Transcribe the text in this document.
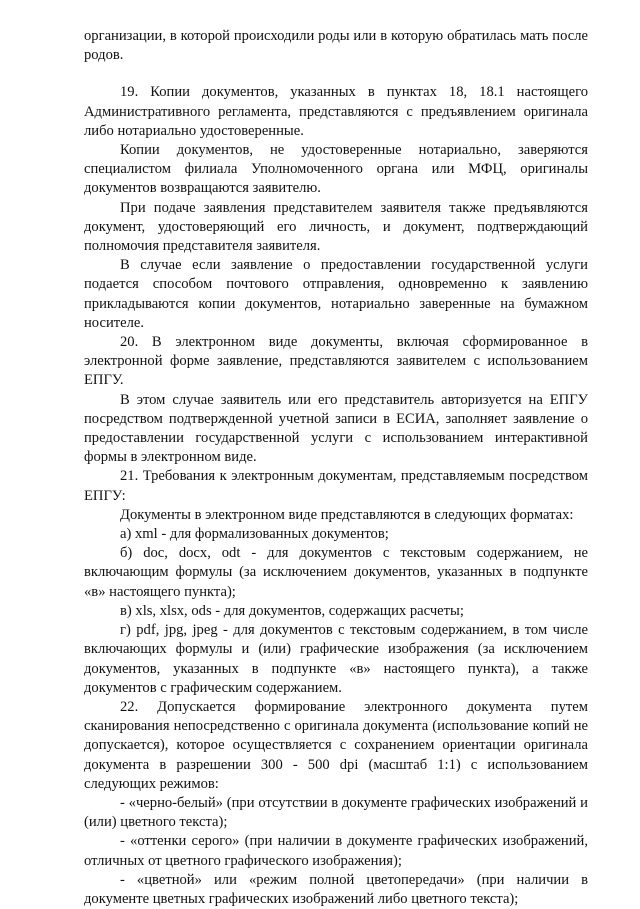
организации, в которой происходили роды или в которую обратилась мать после родов.

19. Копии документов, указанных в пунктах 18, 18.1 настоящего Административного регламента, представляются с предъявлением оригинала либо нотариально удостоверенные.

Копии документов, не удостоверенные нотариально, заверяются специалистом филиала Уполномоченного органа или МФЦ, оригиналы документов возвращаются заявителю.

При подаче заявления представителем заявителя также предъявляются документ, удостоверяющий его личность, и документ, подтверждающий полномочия представителя заявителя.

В случае если заявление о предоставлении государственной услуги подается способом почтового отправления, одновременно к заявлению прикладываются копии документов, нотариально заверенные на бумажном носителе.

20. В электронном виде документы, включая сформированное в электронной форме заявление, представляются заявителем с использованием ЕПГУ.

В этом случае заявитель или его представитель авторизуется на ЕПГУ посредством подтвержденной учетной записи в ЕСИА, заполняет заявление о предоставлении государственной услуги с использованием интерактивной формы в электронном виде.

21. Требования к электронным документам, представляемым посредством ЕПГУ:

Документы в электронном виде представляются в следующих форматах:

а) xml - для формализованных документов;

б) doc, docx, odt - для документов с текстовым содержанием, не включающим формулы (за исключением документов, указанных в подпункте «в» настоящего пункта);

в) xls, xlsx, ods - для документов, содержащих расчеты;

г) pdf, jpg, jpeg - для документов с текстовым содержанием, в том числе включающих формулы и (или) графические изображения (за исключением документов, указанных в подпункте «в» настоящего пункта), а также документов с графическим содержанием.

22. Допускается формирование электронного документа путем сканирования непосредственно с оригинала документа (использование копий не допускается), которое осуществляется с сохранением ориентации оригинала документа в разрешении 300 - 500 dpi (масштаб 1:1) с использованием следующих режимов:

- «черно-белый» (при отсутствии в документе графических изображений и (или) цветного текста);

- «оттенки серого» (при наличии в документе графических изображений, отличных от цветного графического изображения);

- «цветной» или «режим полной цветопередачи» (при наличии в документе цветных графических изображений либо цветного текста);
